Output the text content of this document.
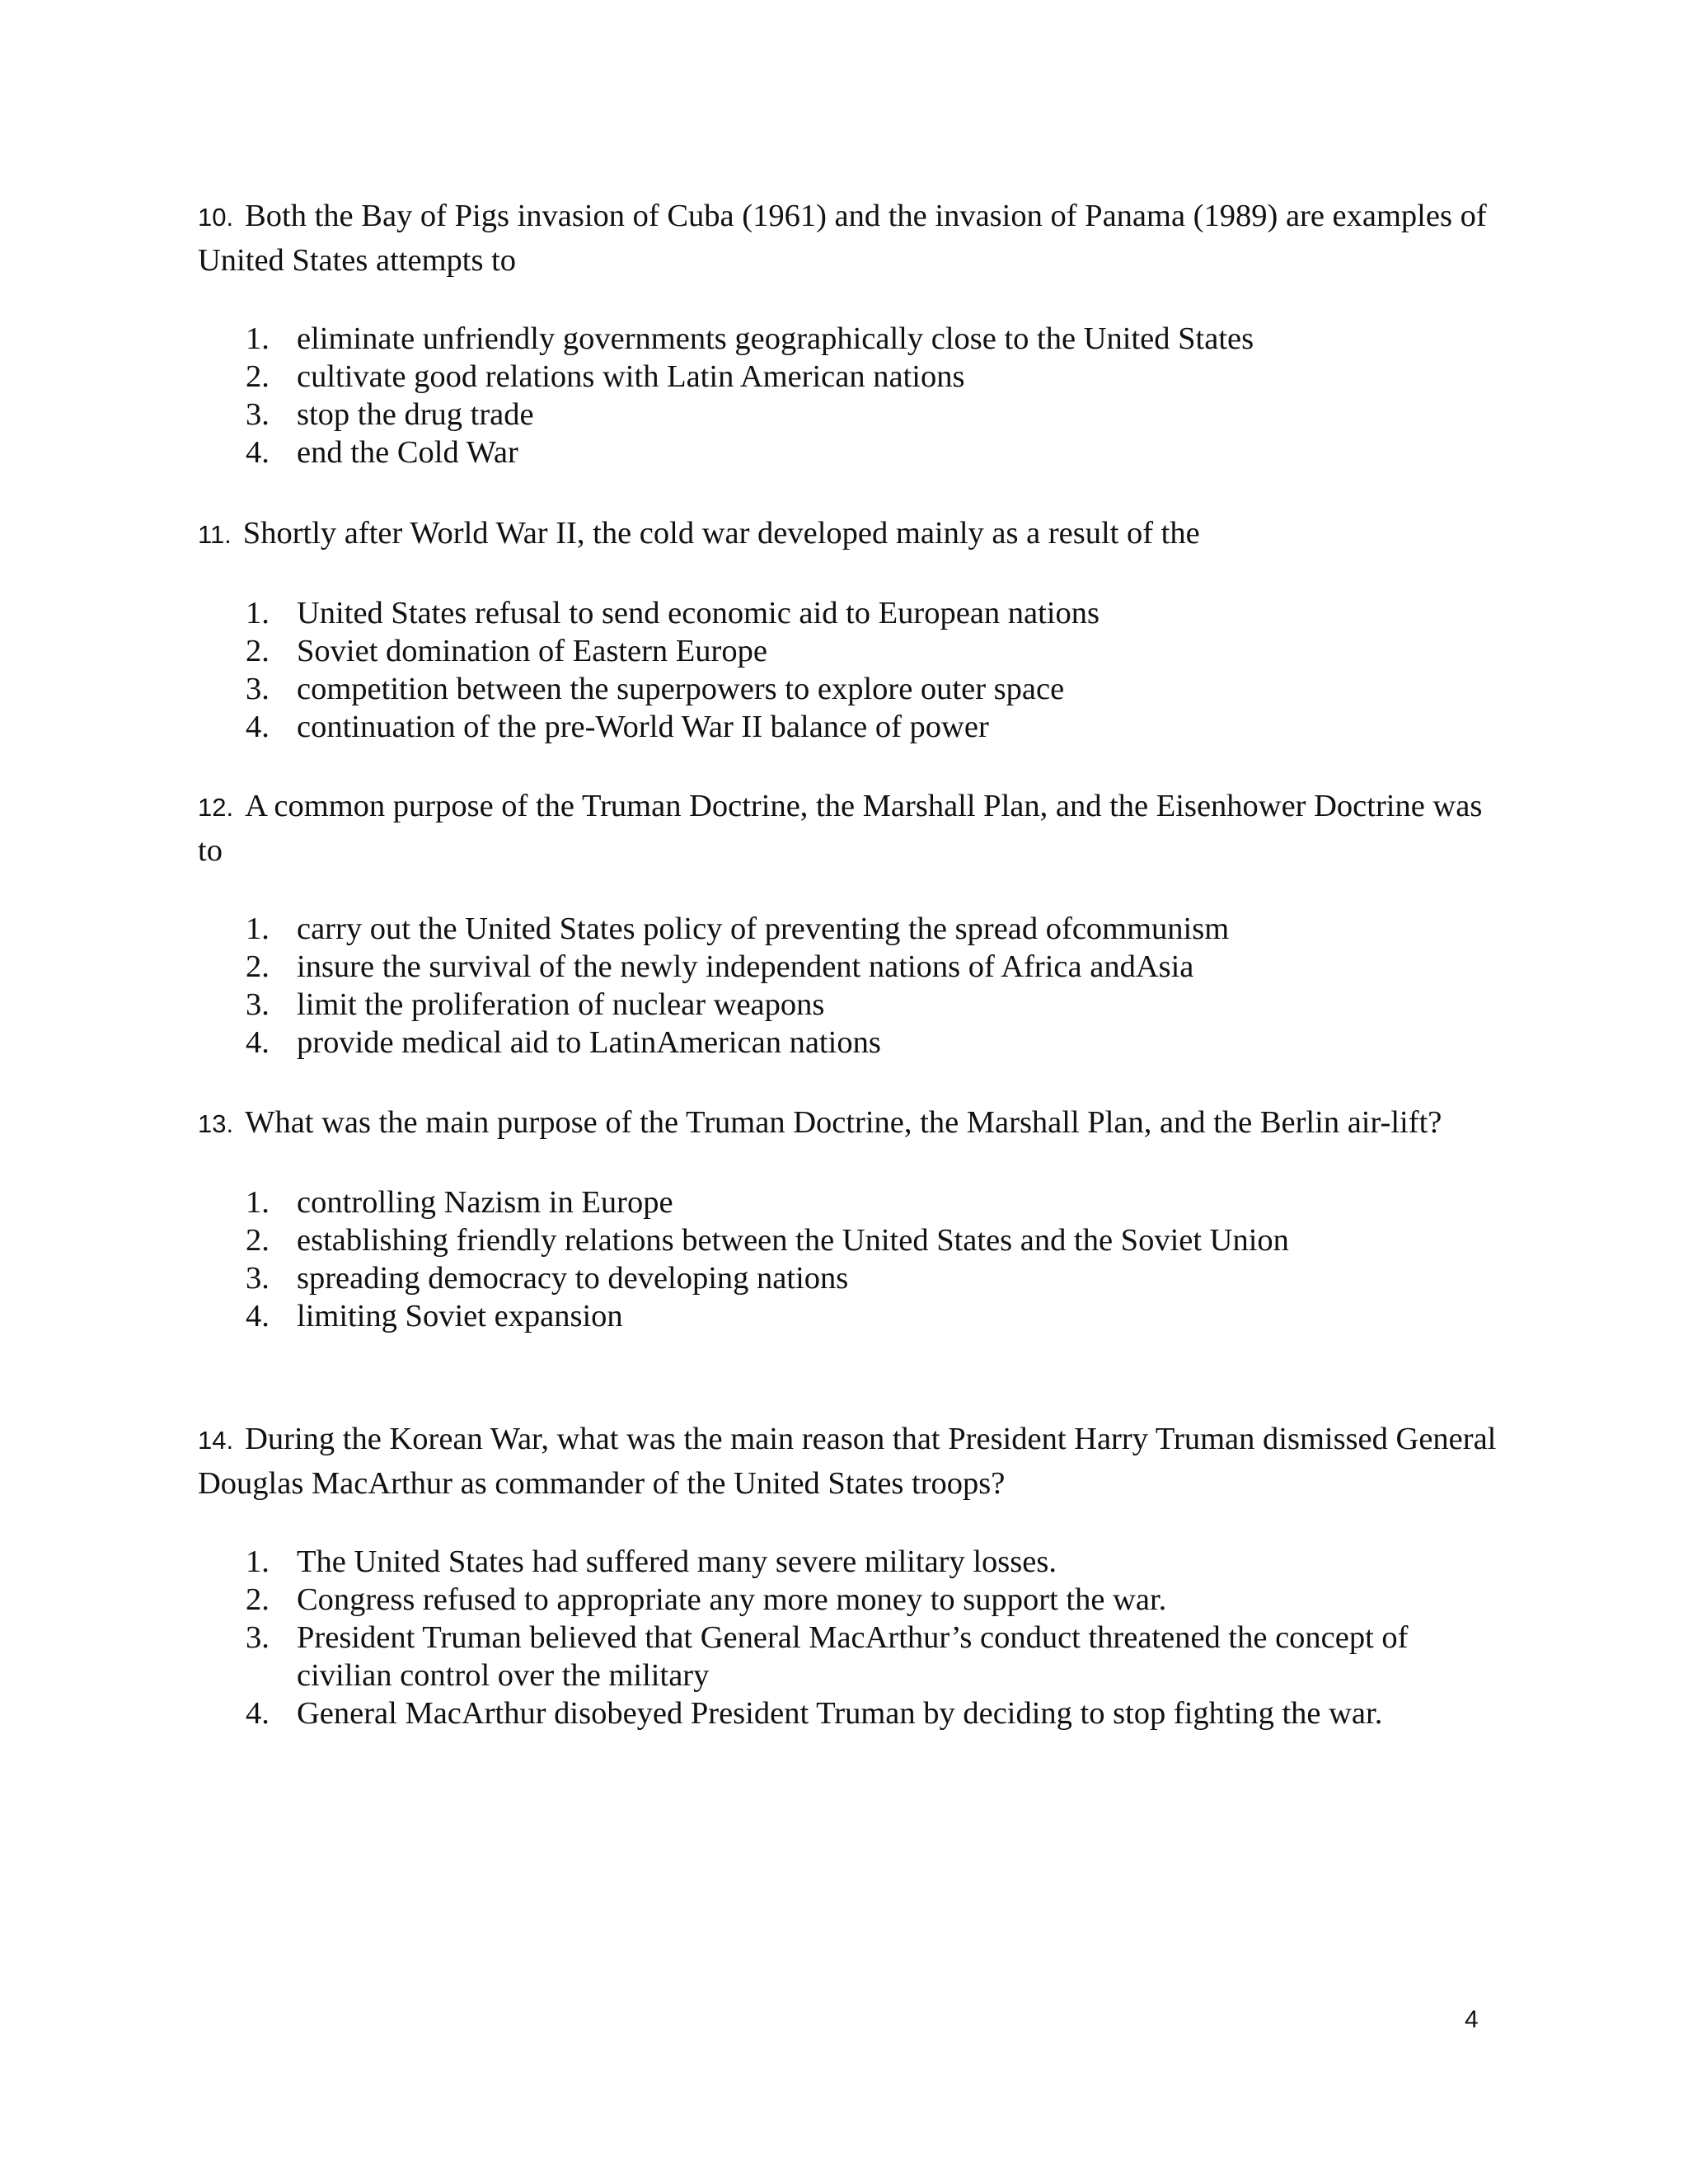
10. Both the Bay of Pigs invasion of Cuba (1961) and the invasion of Panama (1989) are examples of United States attempts to

1. eliminate unfriendly governments geographically close to the United States
2. cultivate good relations with Latin American nations
3. stop the drug trade
4. end the Cold War

11. Shortly after World War II, the cold war developed mainly as a result of the

1. United States refusal to send economic aid to European nations
2. Soviet domination of Eastern Europe
3. competition between the superpowers to explore outer space
4. continuation of the pre-World War II balance of power

12. A common purpose of the Truman Doctrine, the Marshall Plan, and the Eisenhower Doctrine was to

1. carry out the United States policy of preventing the spread ofcommunism
2. insure the survival of the newly independent nations of Africa andAsia
3. limit the proliferation of nuclear weapons
4. provide medical aid to LatinAmerican nations

13. What was the main purpose of the Truman Doctrine, the Marshall Plan, and the Berlin air-lift?

1. controlling Nazism in Europe
2. establishing friendly relations between the United States and the Soviet Union
3. spreading democracy to developing nations
4. limiting Soviet expansion

14. During the Korean War, what was the main reason that President Harry Truman dismissed General Douglas MacArthur as commander of the United States troops?

1. The United States had suffered many severe military losses.
2. Congress refused to appropriate any more money to support the war.
3. President Truman believed that General MacArthur’s conduct threatened the concept of civilian control over the military
4. General MacArthur disobeyed President Truman by deciding to stop fighting the war.
4
